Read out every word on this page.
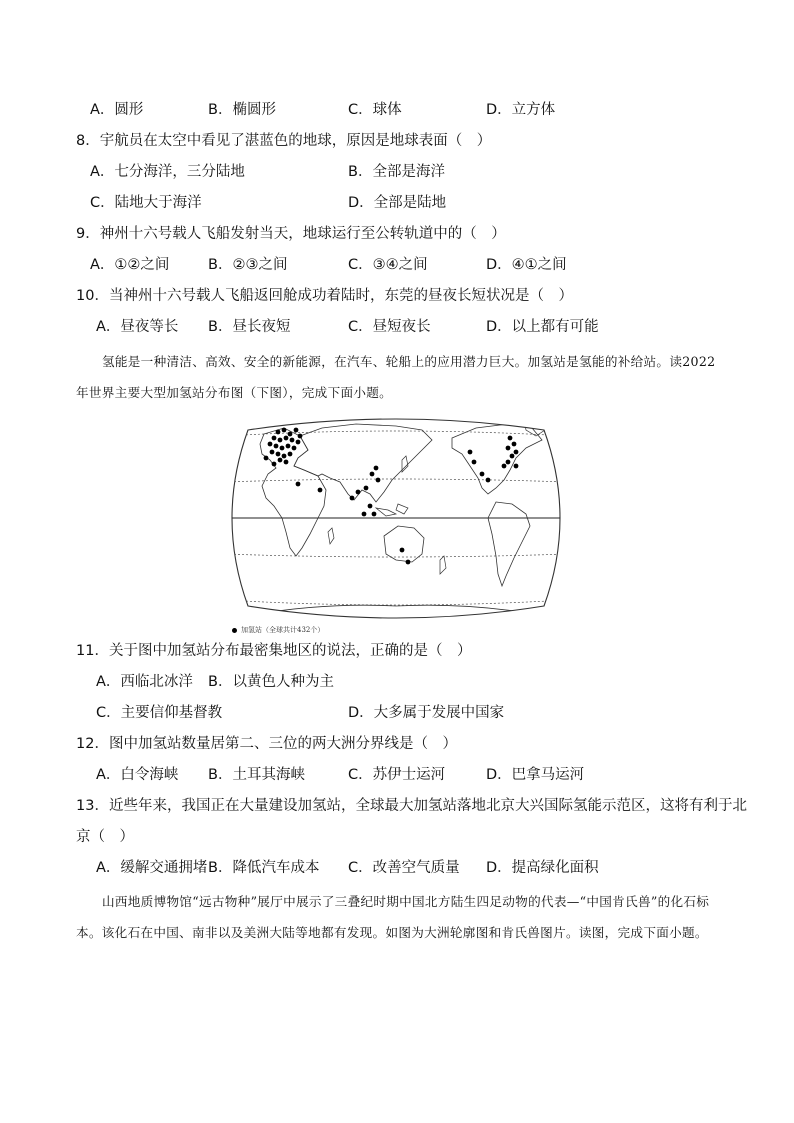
A．圆形	B．椭圆形	C．球体	D．立方体
8．宇航员在太空中看见了湛蓝色的地球，原因是地球表面（　）
A．七分海洋，三分陆地	B．全部是海洋
C．陆地大于海洋	D．全部是陆地
9．神州十六号载人飞船发射当天，地球运行至公转轨道中的（　）
A．①②之间	B．②③之间	C．③④之间	D．④①之间
10．当神州十六号载人飞船返回舱成功着陆时，东莞的昼夜长短状况是（　）
A．昼夜等长 B．昼长夜短	C．昼短夜长	D．以上都有可能
氢能是一种清洁、高效、安全的新能源，在汽车、轮船上的应用潜力巨大。加氢站是氢能的补给站。读2022年世界主要大型加氢站分布图（下图），完成下面小题。
加氢站（全球共计432个）
11．关于图中加氢站分布最密集地区的说法，正确的是（　）
A．西临北冰洋 B．以黄色人种为主
C．主要信仰基督教	D．大多属于发展中国家
12．图中加氢站数量居第二、三位的两大洲分界线是（　）
A．白令海峡 B．土耳其海峡	C．苏伊士运河	D．巴拿马运河
13．近些年来，我国正在大量建设加氢站，全球最大加氢站落地北京大兴国际氢能示范区，这将有利于北
京（　）
A．缓解交通拥堵 B．降低汽车成本 C．改善空气质量 D．提高绿化面积
山西地质博物馆“远古物种”展厅中展示了三叠纪时期中国北方陆生四足动物的代表—“中国肯氏兽”的化石标本。该化石在中国、南非以及美洲大陆等地都有发现。如图为大洲轮廓图和肯氏兽图片。读图，完成下面小题。
